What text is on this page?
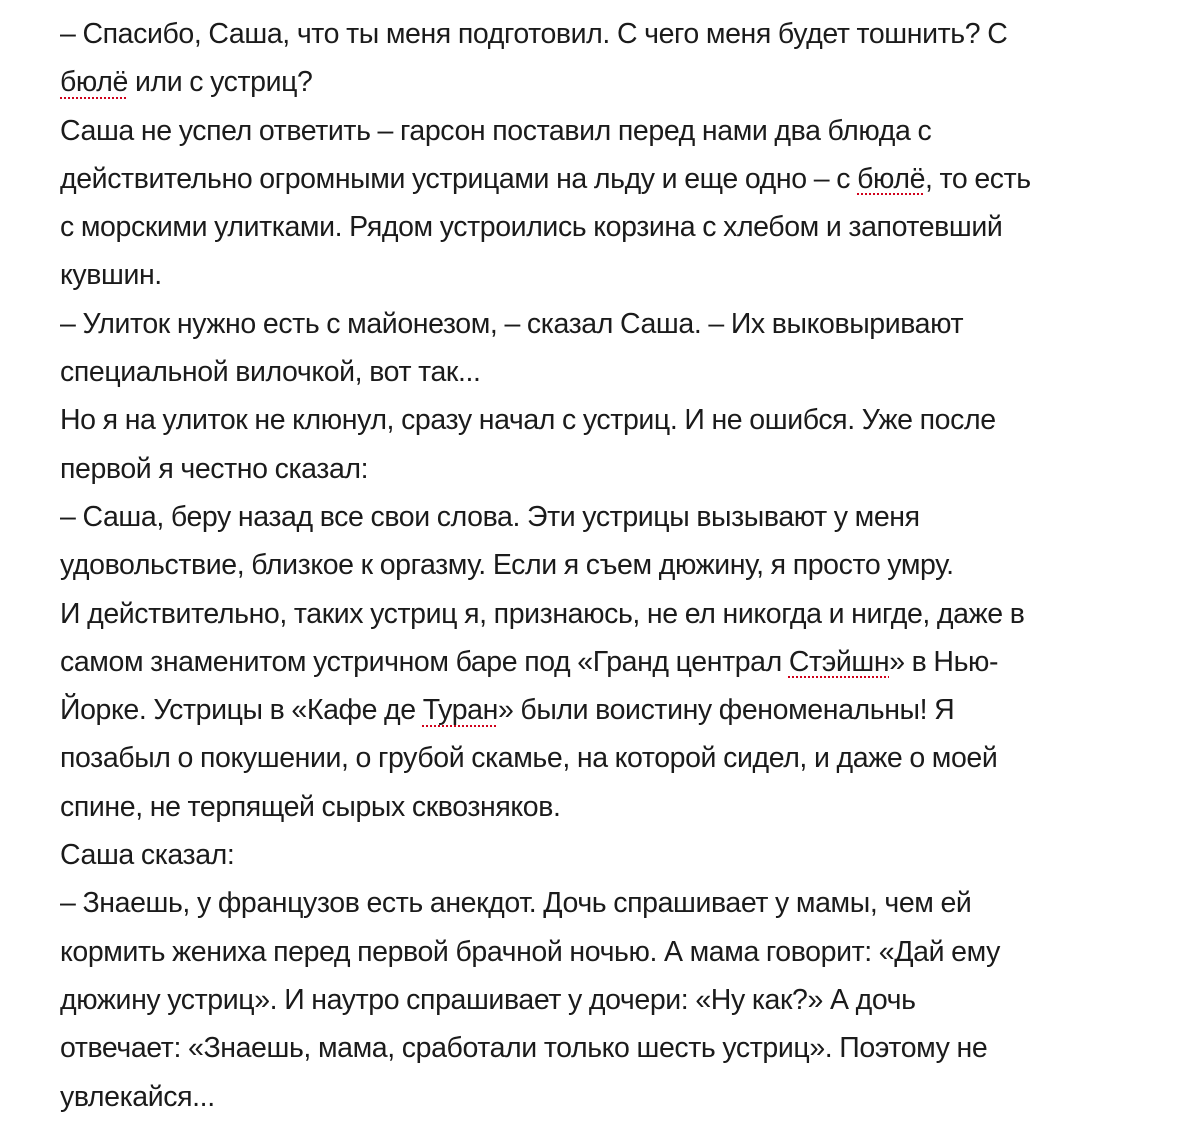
– Спасибо, Саша, что ты меня подготовил. С чего меня будет тошнить? С
бюлё или с устриц?
Саша не успел ответить – гарсон поставил перед нами два блюда с
действительно огромными устрицами на льду и еще одно – с бюлё, то есть
с морскими улитками. Рядом устроились корзина с хлебом и запотевший
кувшин.
– Улиток нужно есть с майонезом, – сказал Саша. – Их выковыривают
специальной вилочкой, вот так...
Но я на улиток не клюнул, сразу начал с устриц. И не ошибся. Уже после
первой я честно сказал:
– Саша, беру назад все свои слова. Эти устрицы вызывают у меня
удовольствие, близкое к оргазму. Если я съем дюжину, я просто умру.
И действительно, таких устриц я, признаюсь, не ел никогда и нигде, даже в
самом знаменитом устричном баре под «Гранд централ Стэйшн» в Нью-
Йорке. Устрицы в «Кафе де Туран» были воистину феноменальны! Я
позабыл о покушении, о грубой скамье, на которой сидел, и даже о моей
спине, не терпящей сырых сквозняков.
Саша сказал:
– Знаешь, у французов есть анекдот. Дочь спрашивает у мамы, чем ей
кормить жениха перед первой брачной ночью. А мама говорит: «Дай ему
дюжину устриц». И наутро спрашивает у дочери: «Ну как?» А дочь
отвечает: «Знаешь, мама, сработали только шесть устриц». Поэтому не
увлекайся...
